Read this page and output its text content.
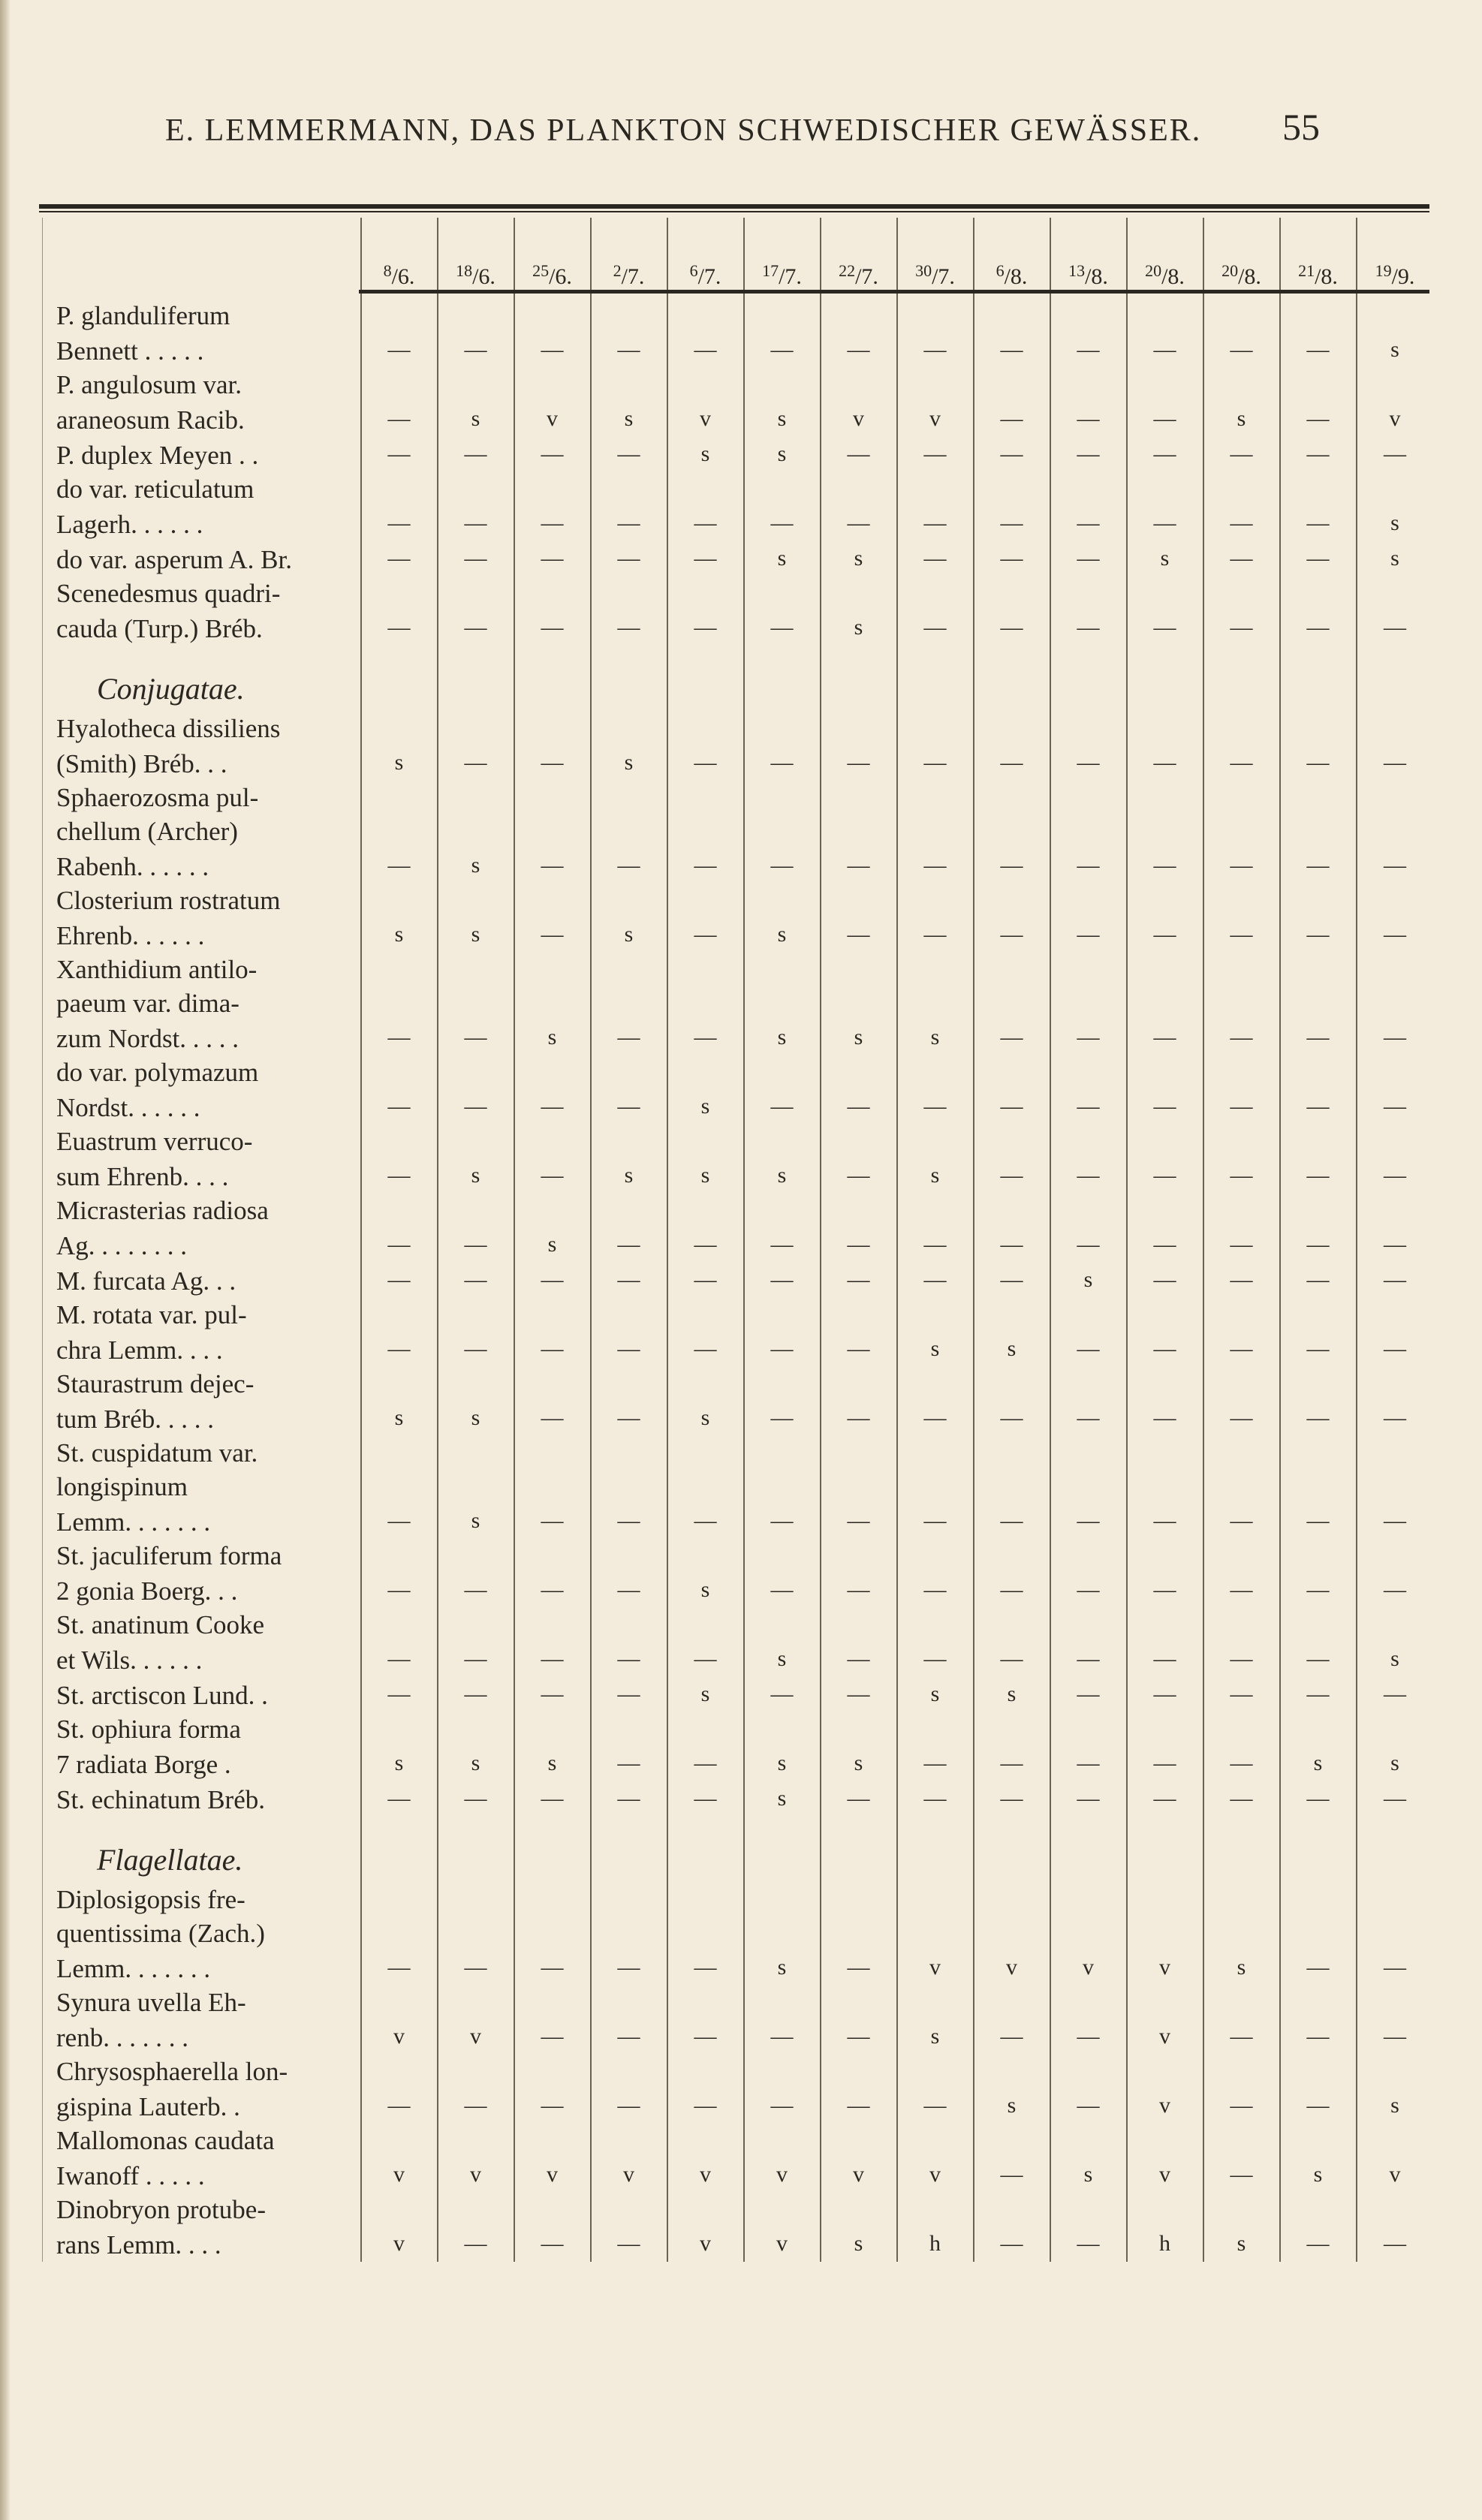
E. LEMMERMANN, DAS PLANKTON SCHWEDISCHER GEWÄSSER.	55
	$^8$/6.	$^{18}$/6.	$^{25}$/6.	$^2$/7.	$^6$/7.	$^{17}$/7.	$^{22}$/7.	$^{30}$/7.	$^6$/8.	$^{13}$/8.	$^{20}$/8.	$^{20}$/8.	$^{21}$/8.	$^{19}$/9.

P. glanduliferum														
Bennett . . . . .	—	—	—	—	—	—	—	—	—	—	—	—	—	s
P. angulosum var.														
araneosum Racib.	—	s	v	s	v	s	v	v	—	—	—	s	—	v
P. duplex Meyen . .	—	—	—	—	s	s	—	—	—	—	—	—	—	—
do var. reticulatum														
Lagerh. . . . . .	—	—	—	—	—	—	—	—	—	—	—	—	—	s
do var. asperum A. Br.	—	—	—	—	—	s	s	—	—	—	s	—	—	s
Scenedesmus quadri-														
cauda (Turp.) Bréb.	—	—	—	—	—	—	s	—	—	—	—	—	—	—
Conjugatae.														
Hyalotheca dissiliens														
(Smith) Bréb. . .	s	—	—	s	—	—	—	—	—	—	—	—	—	—
Sphaerozosma pul-														
chellum (Archer)														
Rabenh. . . . . .	—	s	—	—	—	—	—	—	—	—	—	—	—	—
Closterium rostratum														
Ehrenb. . . . . .	s	s	—	s	—	s	—	—	—	—	—	—	—	—
Xanthidium antilo-														
paeum var. dima-														
zum Nordst. . . . .	—	—	s	—	—	s	s	s	—	—	—	—	—	—
do var. polymazum														
Nordst. . . . . .	—	—	—	—	s	—	—	—	—	—	—	—	—	—
Euastrum verruco-														
sum Ehrenb. . . .	—	s	—	s	s	s	—	s	—	—	—	—	—	—
Micrasterias radiosa														
Ag. . . . . . . .	—	—	s	—	—	—	—	—	—	—	—	—	—	—
M. furcata Ag. . .	—	—	—	—	—	—	—	—	—	s	—	—	—	—
M. rotata var. pul-														
chra Lemm. . . .	—	—	—	—	—	—	—	s	s	—	—	—	—	—
Staurastrum dejec-														
tum Bréb. . . . .	s	s	—	—	s	—	—	—	—	—	—	—	—	—
St. cuspidatum var.														
longispinum														
Lemm. . . . . . .	—	s	—	—	—	—	—	—	—	—	—	—	—	—
St. jaculiferum forma														
2 gonia Boerg. . .	—	—	—	—	s	—	—	—	—	—	—	—	—	—
St. anatinum Cooke														
et Wils. . . . . .	—	—	—	—	—	s	—	—	—	—	—	—	—	s
St. arctiscon Lund. .	—	—	—	—	s	—	—	s	s	—	—	—	—	—
St. ophiura forma														
7 radiata Borge .	s	s	s	—	—	s	s	—	—	—	—	—	s	s
St. echinatum Bréb.	—	—	—	—	—	s	—	—	—	—	—	—	—	—
Flagellatae.														
Diplosigopsis fre-														
quentissima (Zach.)														
Lemm. . . . . . .	—	—	—	—	—	s	—	v	v	v	v	s	—	—
Synura uvella Eh-														
renb. . . . . . .	v	v	—	—	—	—	—	s	—	—	v	—	—	—
Chrysosphaerella lon-														
gispina Lauterb. .	—	—	—	—	—	—	—	—	s	—	v	—	—	s
Mallomonas caudata														
Iwanoff . . . . .	v	v	v	v	v	v	v	v	—	s	v	—	s	v
Dinobryon protube-														
rans Lemm. . . .	v	—	—	—	v	v	s	h	—	—	h	s	—	—
